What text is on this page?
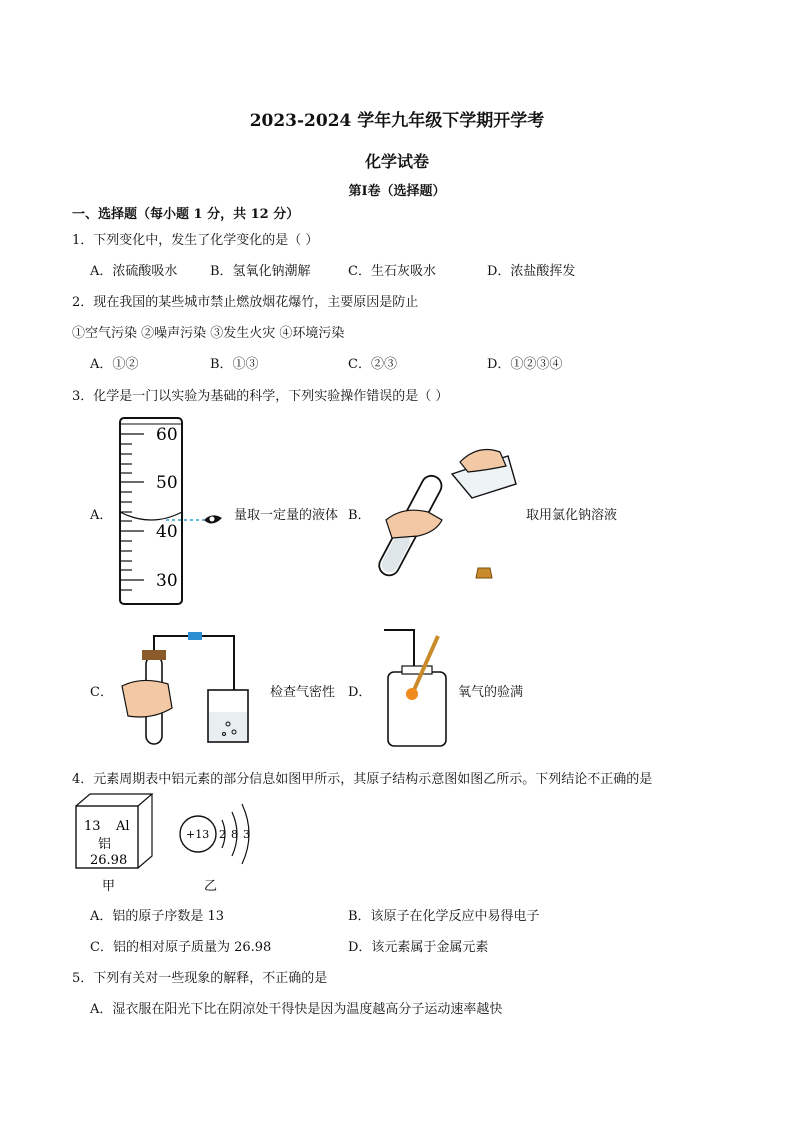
2023-2024 学年九年级下学期开学考
化学试卷
第Ⅰ卷（选择题）
一、选择题（每小题 1 分，共 12 分）
1．下列变化中，发生了化学变化的是（ ）
A．浓硫酸吸水	B．氢氧化钠潮解	C．生石灰吸水	D．浓盐酸挥发
2．现在我国的某些城市禁止燃放烟花爆竹，主要原因是防止
①空气污染 ②噪声污染 ③发生火灾 ④环境污染
A．①②	B．①③	C．②③	D．①②③④
3．化学是一门以实验为基础的科学，下列实验操作错误的是（ ）
A．
60
50
40
30
量取一定量的液体 B．	取用氯化钠溶液
C．	检查气密性 D．	氧气的验满
4．元素周期表中铝元素的部分信息如图甲所示，其原子结构示意图如图乙所示。下列结论不正确的是
13 Al
铝
26.98
甲
+13 2 8 3
乙
A．铝的原子序数是 13	B．该原子在化学反应中易得电子
C．铝的相对原子质量为 26.98	D．该元素属于金属元素
5．下列有关对一些现象的解释，不正确的是
A．湿衣服在阳光下比在阴凉处干得快是因为温度越高分子运动速率越快
